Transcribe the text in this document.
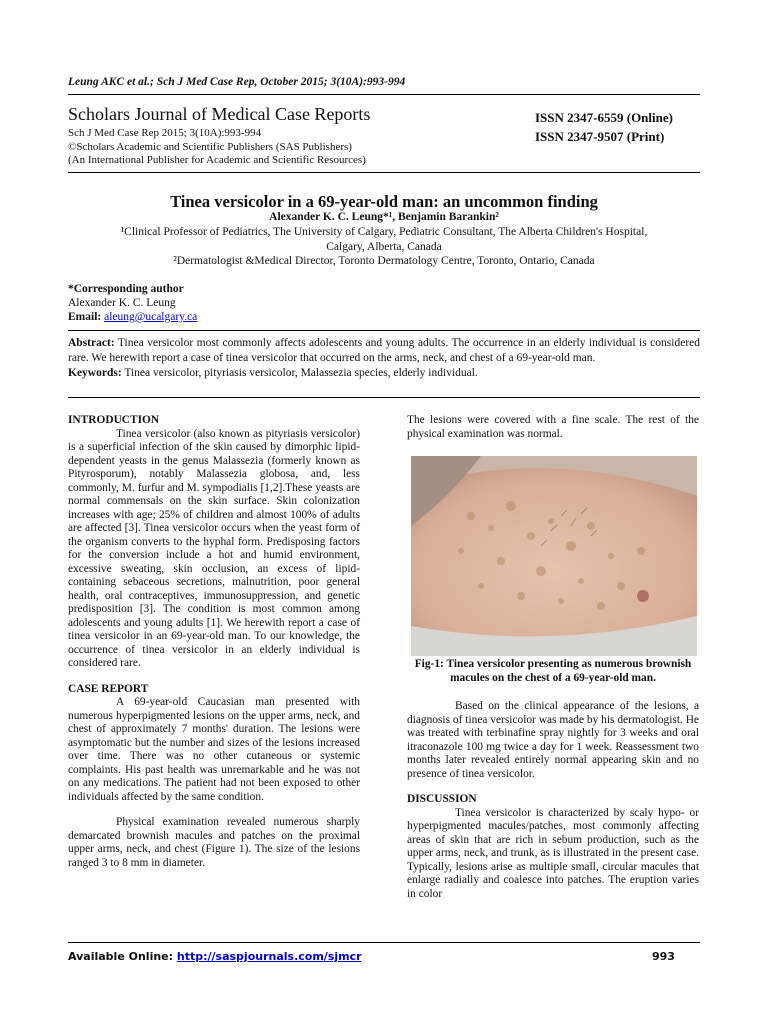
Leung AKC et al.; Sch J Med Case Rep, October 2015; 3(10A):993-994
Scholars Journal of Medical Case Reports
Sch J Med Case Rep 2015; 3(10A):993-994
©Scholars Academic and Scientific Publishers (SAS Publishers)
(An International Publisher for Academic and Scientific Resources)
ISSN 2347-6559 (Online)
ISSN 2347-9507 (Print)
Tinea versicolor in a 69-year-old man: an uncommon finding
Alexander K. C. Leung*¹, Benjamin Barankin²
¹Clinical Professor of Pediatrics, The University of Calgary, Pediatric Consultant, The Alberta Children's Hospital,
Calgary, Alberta, Canada
²Dermatologist &Medical Director, Toronto Dermatology Centre, Toronto, Ontario, Canada
*Corresponding author
Alexander K. C. Leung
Email: aleung@ucalgary.ca
Abstract: Tinea versicolor most commonly affects adolescents and young adults. The occurrence in an elderly individual is considered rare. We herewith report a case of tinea versicolor that occurred on the arms, neck, and chest of a 69-year-old man.
Keywords: Tinea versicolor, pityriasis versicolor, Malassezia species, elderly individual.
INTRODUCTION

Tinea versicolor (also known as pityriasis versicolor) is a superficial infection of the skin caused by dimorphic lipid-dependent yeasts in the genus Malassezia (formerly known as Pityrosporum), notably Malassezia globosa, and, less commonly, M. furfur and M. sympodialis [1,2].These yeasts are normal commensals on the skin surface. Skin colonization increases with age; 25% of children and almost 100% of adults are affected [3]. Tinea versicolor occurs when the yeast form of the organism converts to the hyphal form. Predisposing factors for the conversion include a hot and humid environment, excessive sweating, skin occlusion, an excess of lipid-containing sebaceous secretions, malnutrition, poor general health, oral contraceptives, immunosuppression, and genetic predisposition [3]. The condition is most common among adolescents and young adults [1]. We herewith report a case of tinea versicolor in an 69-year-old man. To our knowledge, the occurrence of tinea versicolor in an elderly individual is considered rare.

CASE REPORT

A 69-year-old Caucasian man presented with numerous hyperpigmented lesions on the upper arms, neck, and chest of approximately 7 months' duration. The lesions were asymptomatic but the number and sizes of the lesions increased over time. There was no other cutaneous or systemic complaints. His past health was unremarkable and he was not on any medications. The patient had not been exposed to other individuals affected by the same condition.

Physical examination revealed numerous sharply demarcated brownish macules and patches on the proximal upper arms, neck, and chest (Figure 1). The size of the lesions ranged 3 to 8 mm in diameter.

The lesions were covered with a fine scale. The rest of the physical examination was normal.

Fig-1: Tinea versicolor presenting as numerous brownish macules on the chest of a 69-year-old man.

Based on the clinical appearance of the lesions, a diagnosis of tinea versicolor was made by his dermatologist. He was treated with terbinafine spray nightly for 3 weeks and oral itraconazole 100 mg twice a day for 1 week. Reassessment two months later revealed entirely normal appearing skin and no presence of tinea versicolor.

DISCUSSION

Tinea versicolor is characterized by scaly hypo- or hyperpigmented macules/patches, most commonly affecting areas of skin that are rich in sebum production, such as the upper arms, neck, and trunk, as is illustrated in the present case. Typically, lesions arise as multiple small, circular macules that enlarge radially and coalesce into patches. The eruption varies in color

Available Online: http://saspjournals.com/sjmcr	993
